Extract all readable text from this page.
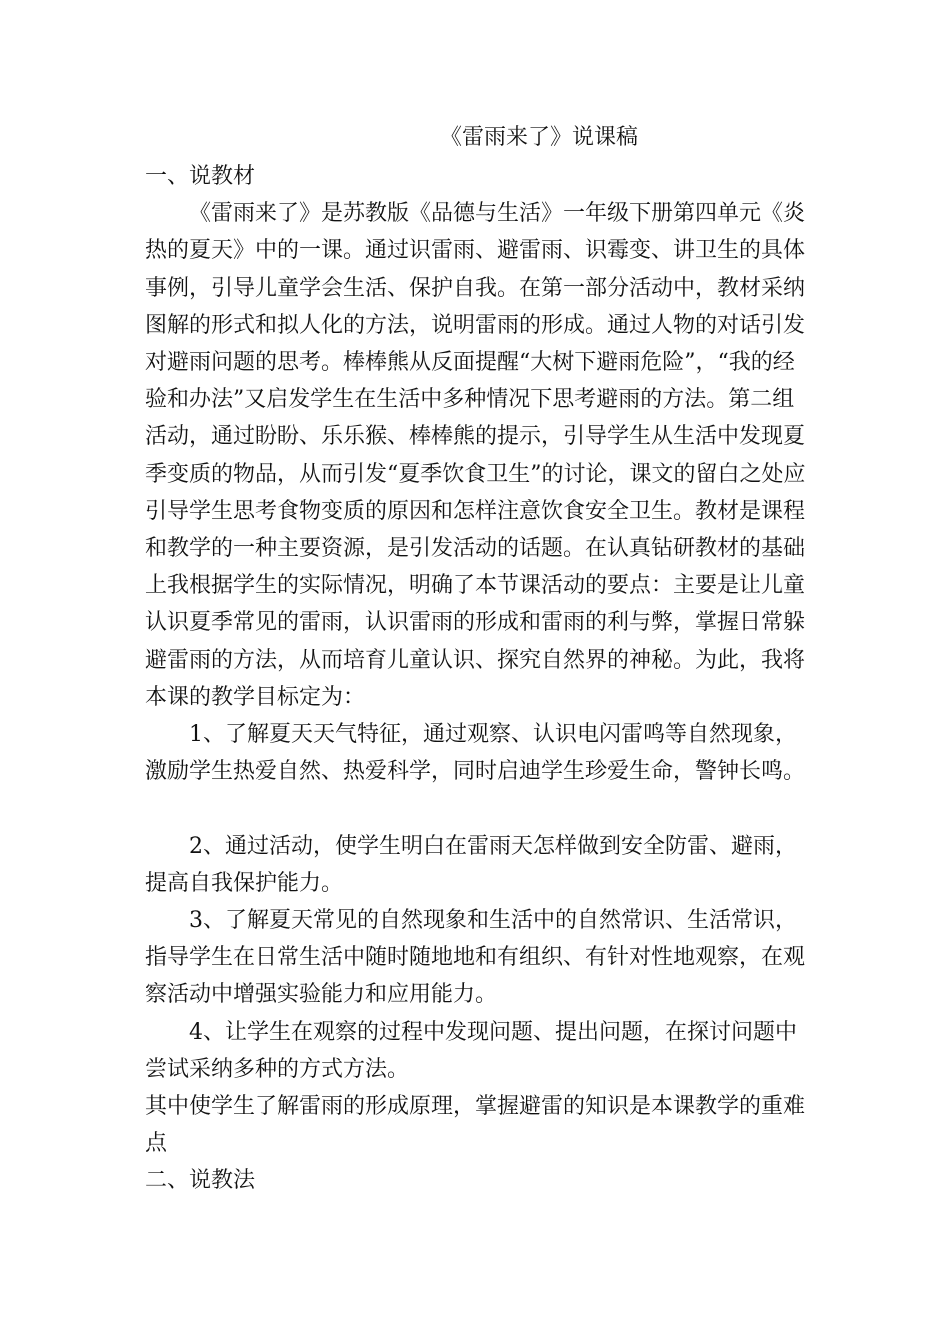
《雷雨来了》说课稿

一、说教材

《雷雨来了》是苏教版《品德与生活》一年级下册第四单元《炎热的夏天》中的一课。通过识雷雨、避雷雨、识霉变、讲卫生的具体事例，引导儿童学会生活、保护自我。在第一部分活动中，教材采纳图解的形式和拟人化的方法，说明雷雨的形成。通过人物的对话引发对避雨问题的思考。棒棒熊从反面提醒“大树下避雨危险”，“我的经验和办法”又启发学生在生活中多种情况下思考避雨的方法。第二组活动，通过盼盼、乐乐猴、棒棒熊的提示，引导学生从生活中发现夏季变质的物品，从而引发“夏季饮食卫生”的讨论，课文的留白之处应引导学生思考食物变质的原因和怎样注意饮食安全卫生。教材是课程和教学的一种主要资源，是引发活动的话题。在认真钻研教材的基础上我根据学生的实际情况，明确了本节课活动的要点：主要是让儿童认识夏季常见的雷雨，认识雷雨的形成和雷雨的利与弊，掌握日常躲避雷雨的方法，从而培育儿童认识、探究自然界的神秘。为此，我将本课的教学目标定为：

1、了解夏天天气特征，通过观察、认识电闪雷鸣等自然现象，激励学生热爱自然、热爱科学，同时启迪学生珍爱生命，警钟长鸣。

2、通过活动，使学生明白在雷雨天怎样做到安全防雷、避雨，提高自我保护能力。

3、了解夏天常见的自然现象和生活中的自然常识、生活常识，指导学生在日常生活中随时随地地和有组织、有针对性地观察，在观察活动中增强实验能力和应用能力。

4、让学生在观察的过程中发现问题、提出问题，在探讨问题中尝试采纳多种的方式方法。

其中使学生了解雷雨的形成原理，掌握避雷的知识是本课教学的重难点

二、说教法
